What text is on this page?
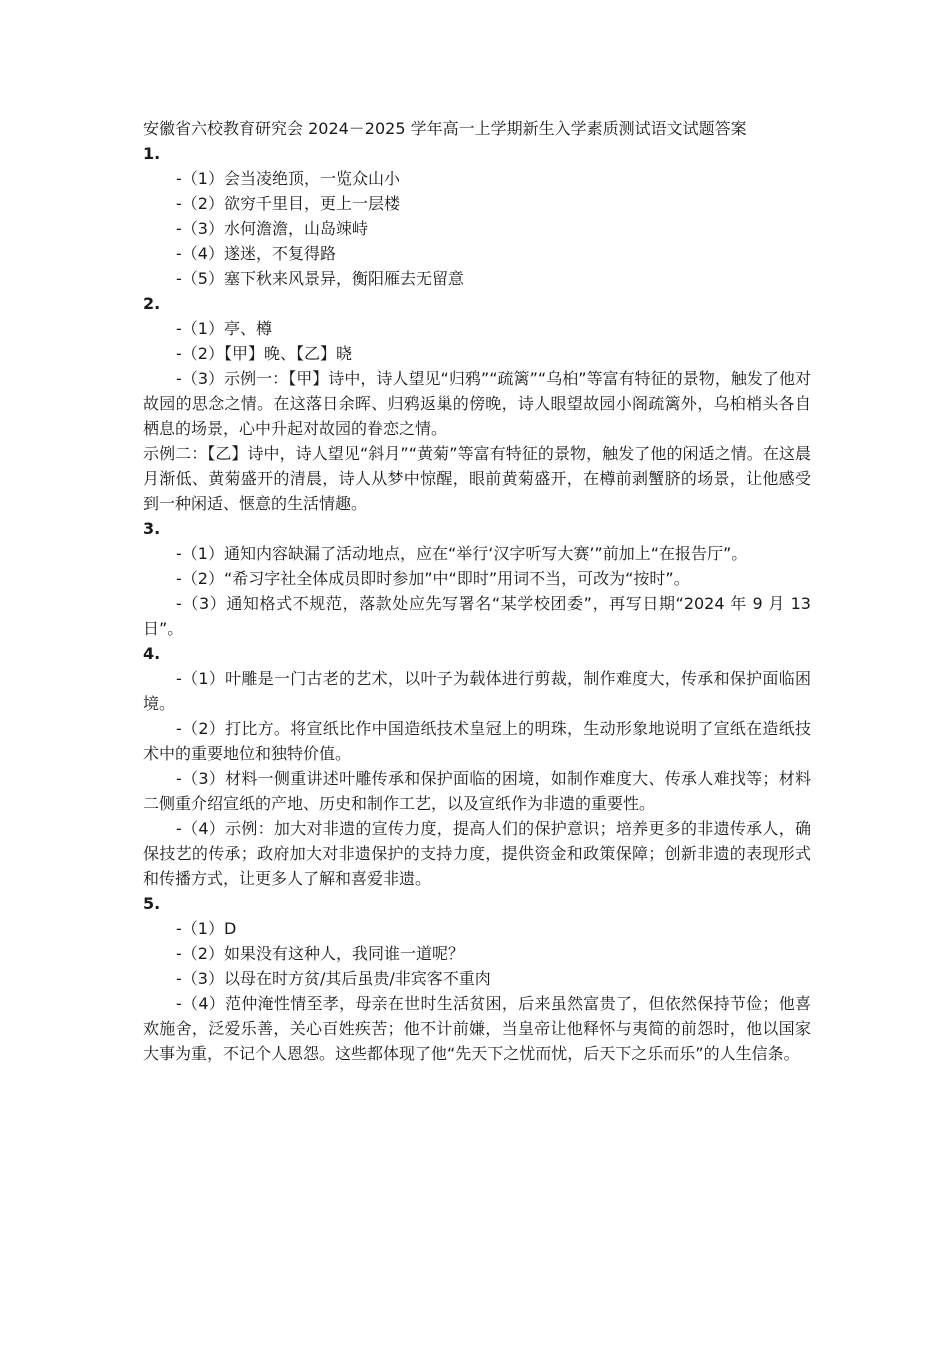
安徽省六校教育研究会 2024－2025 学年高一上学期新生入学素质测试语文试题答案

1.

-（1）会当凌绝顶，一览众山小

-（2）欲穷千里目，更上一层楼

-（3）水何澹澹，山岛竦峙

-（4）遂迷，不复得路

-（5）塞下秋来风景异，衡阳雁去无留意

2.

-（1）亭、樽

-（2）【甲】晚、【乙】晓

-（3）示例一：【甲】诗中，诗人望见“归鸦”“疏篱”“乌桕”等富有特征的景物，触发了他对故园的思念之情。在这落日余晖、归鸦返巢的傍晚，诗人眼望故园小阁疏篱外，乌桕梢头各自栖息的场景，心中升起对故园的眷恋之情。

示例二：【乙】诗中，诗人望见“斜月”“黄菊”等富有特征的景物，触发了他的闲适之情。在这晨月渐低、黄菊盛开的清晨，诗人从梦中惊醒，眼前黄菊盛开，在樽前剥蟹脐的场景，让他感受到一种闲适、惬意的生活情趣。

3.

-（1）通知内容缺漏了活动地点，应在“举行‘汉字听写大赛’”前加上“在报告厅”。

-（2）“希习字社全体成员即时参加”中“即时”用词不当，可改为“按时”。

-（3）通知格式不规范，落款处应先写署名“某学校团委”，再写日期“2024 年 9 月 13 日”。

4.

-（1）叶雕是一门古老的艺术，以叶子为载体进行剪裁，制作难度大，传承和保护面临困境。

-（2）打比方。将宣纸比作中国造纸技术皇冠上的明珠，生动形象地说明了宣纸在造纸技术中的重要地位和独特价值。

-（3）材料一侧重讲述叶雕传承和保护面临的困境，如制作难度大、传承人难找等；材料二侧重介绍宣纸的产地、历史和制作工艺，以及宣纸作为非遗的重要性。

-（4）示例：加大对非遗的宣传力度，提高人们的保护意识；培养更多的非遗传承人，确保技艺的传承；政府加大对非遗保护的支持力度，提供资金和政策保障；创新非遗的表现形式和传播方式，让更多人了解和喜爱非遗。

5.

-（1）D

-（2）如果没有这种人，我同谁一道呢？

-（3）以母在时方贫/其后虽贵/非宾客不重肉

-（4）范仲淹性情至孝，母亲在世时生活贫困，后来虽然富贵了，但依然保持节俭；他喜欢施舍，泛爱乐善，关心百姓疾苦；他不计前嫌，当皇帝让他释怀与夷简的前怨时，他以国家大事为重，不记个人恩怨。这些都体现了他“先天下之忧而忧，后天下之乐而乐”的人生信条。
